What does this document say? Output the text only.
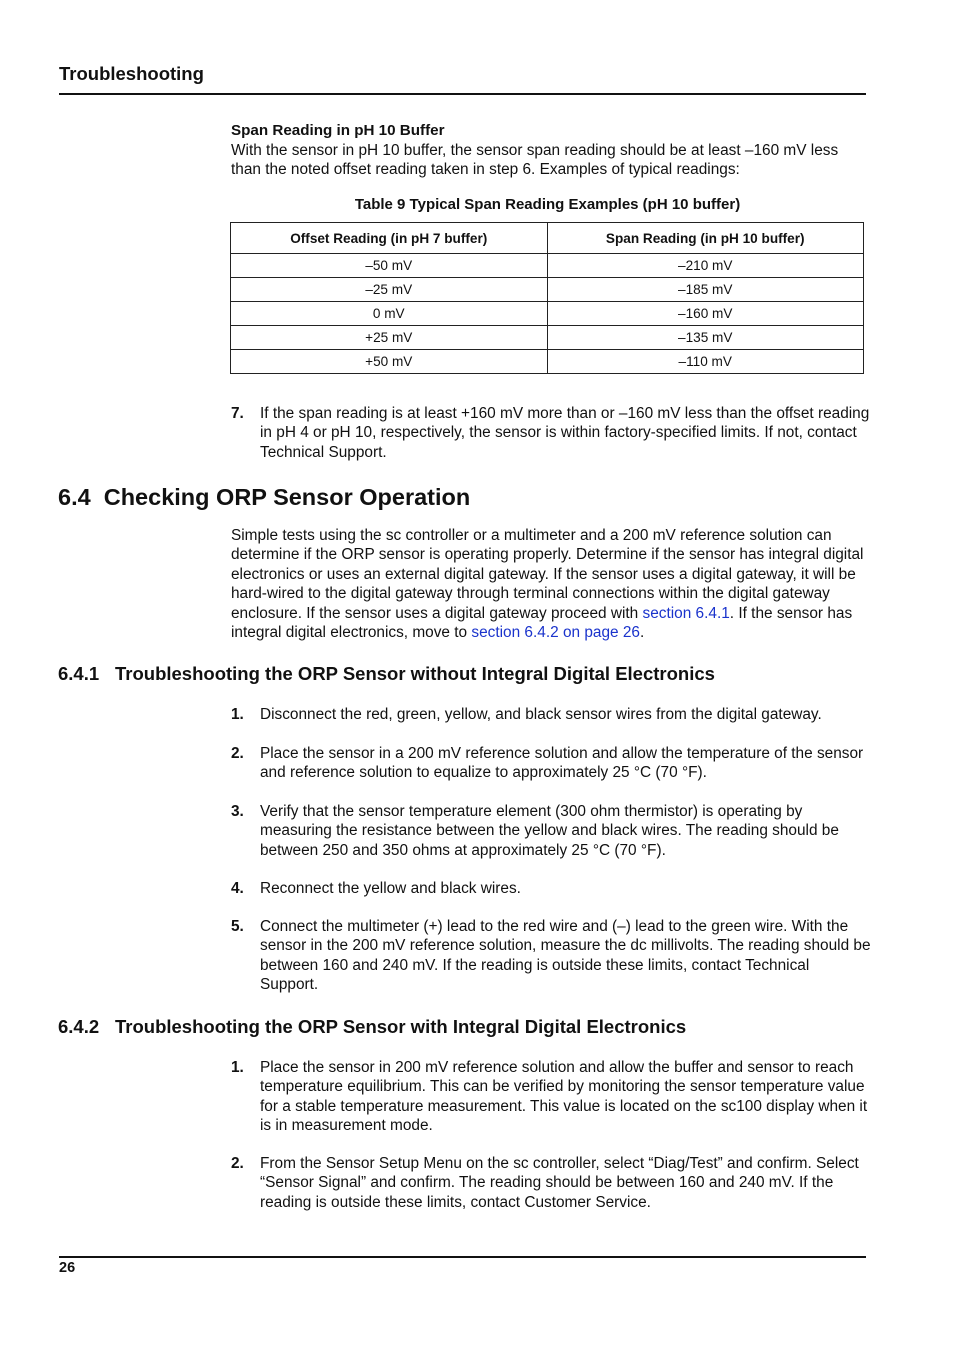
Troubleshooting
Span Reading in pH 10 Buffer
With the sensor in pH 10 buffer, the sensor span reading should be at least –160 mV less than the noted offset reading taken in step 6. Examples of typical readings:
Table 9 Typical Span Reading Examples (pH 10 buffer)
Offset Reading (in pH 7 buffer)	Span Reading (in pH 10 buffer)
–50 mV	–210 mV
–25 mV	–185 mV
0 mV	–160 mV
+25 mV	–135 mV
+50 mV	–110 mV
7. If the span reading is at least +160 mV more than or –160 mV less than the offset reading in pH 4 or pH 10, respectively, the sensor is within factory-specified limits. If not, contact Technical Support.
6.4 Checking ORP Sensor Operation
Simple tests using the sc controller or a multimeter and a 200 mV reference solution can determine if the ORP sensor is operating properly. Determine if the sensor has integral digital electronics or uses an external digital gateway. If the sensor uses a digital gateway, it will be hard-wired to the digital gateway through terminal connections within the digital gateway enclosure. If the sensor uses a digital gateway proceed with section 6.4.1. If the sensor has integral digital electronics, move to section 6.4.2 on page 26.
6.4.1 Troubleshooting the ORP Sensor without Integral Digital Electronics
1. Disconnect the red, green, yellow, and black sensor wires from the digital gateway.
2. Place the sensor in a 200 mV reference solution and allow the temperature of the sensor and reference solution to equalize to approximately 25 °C (70 °F).
3. Verify that the sensor temperature element (300 ohm thermistor) is operating by measuring the resistance between the yellow and black wires. The reading should be between 250 and 350 ohms at approximately 25 °C (70 °F).
4. Reconnect the yellow and black wires.
5. Connect the multimeter (+) lead to the red wire and (–) lead to the green wire. With the sensor in the 200 mV reference solution, measure the dc millivolts. The reading should be between 160 and 240 mV. If the reading is outside these limits, contact Technical Support.
6.4.2 Troubleshooting the ORP Sensor with Integral Digital Electronics
1. Place the sensor in 200 mV reference solution and allow the buffer and sensor to reach temperature equilibrium. This can be verified by monitoring the sensor temperature value for a stable temperature measurement. This value is located on the sc100 display when it is in measurement mode.
2. From the Sensor Setup Menu on the sc controller, select “Diag/Test” and confirm. Select “Sensor Signal” and confirm. The reading should be between 160 and 240 mV. If the reading is outside these limits, contact Customer Service.
26
